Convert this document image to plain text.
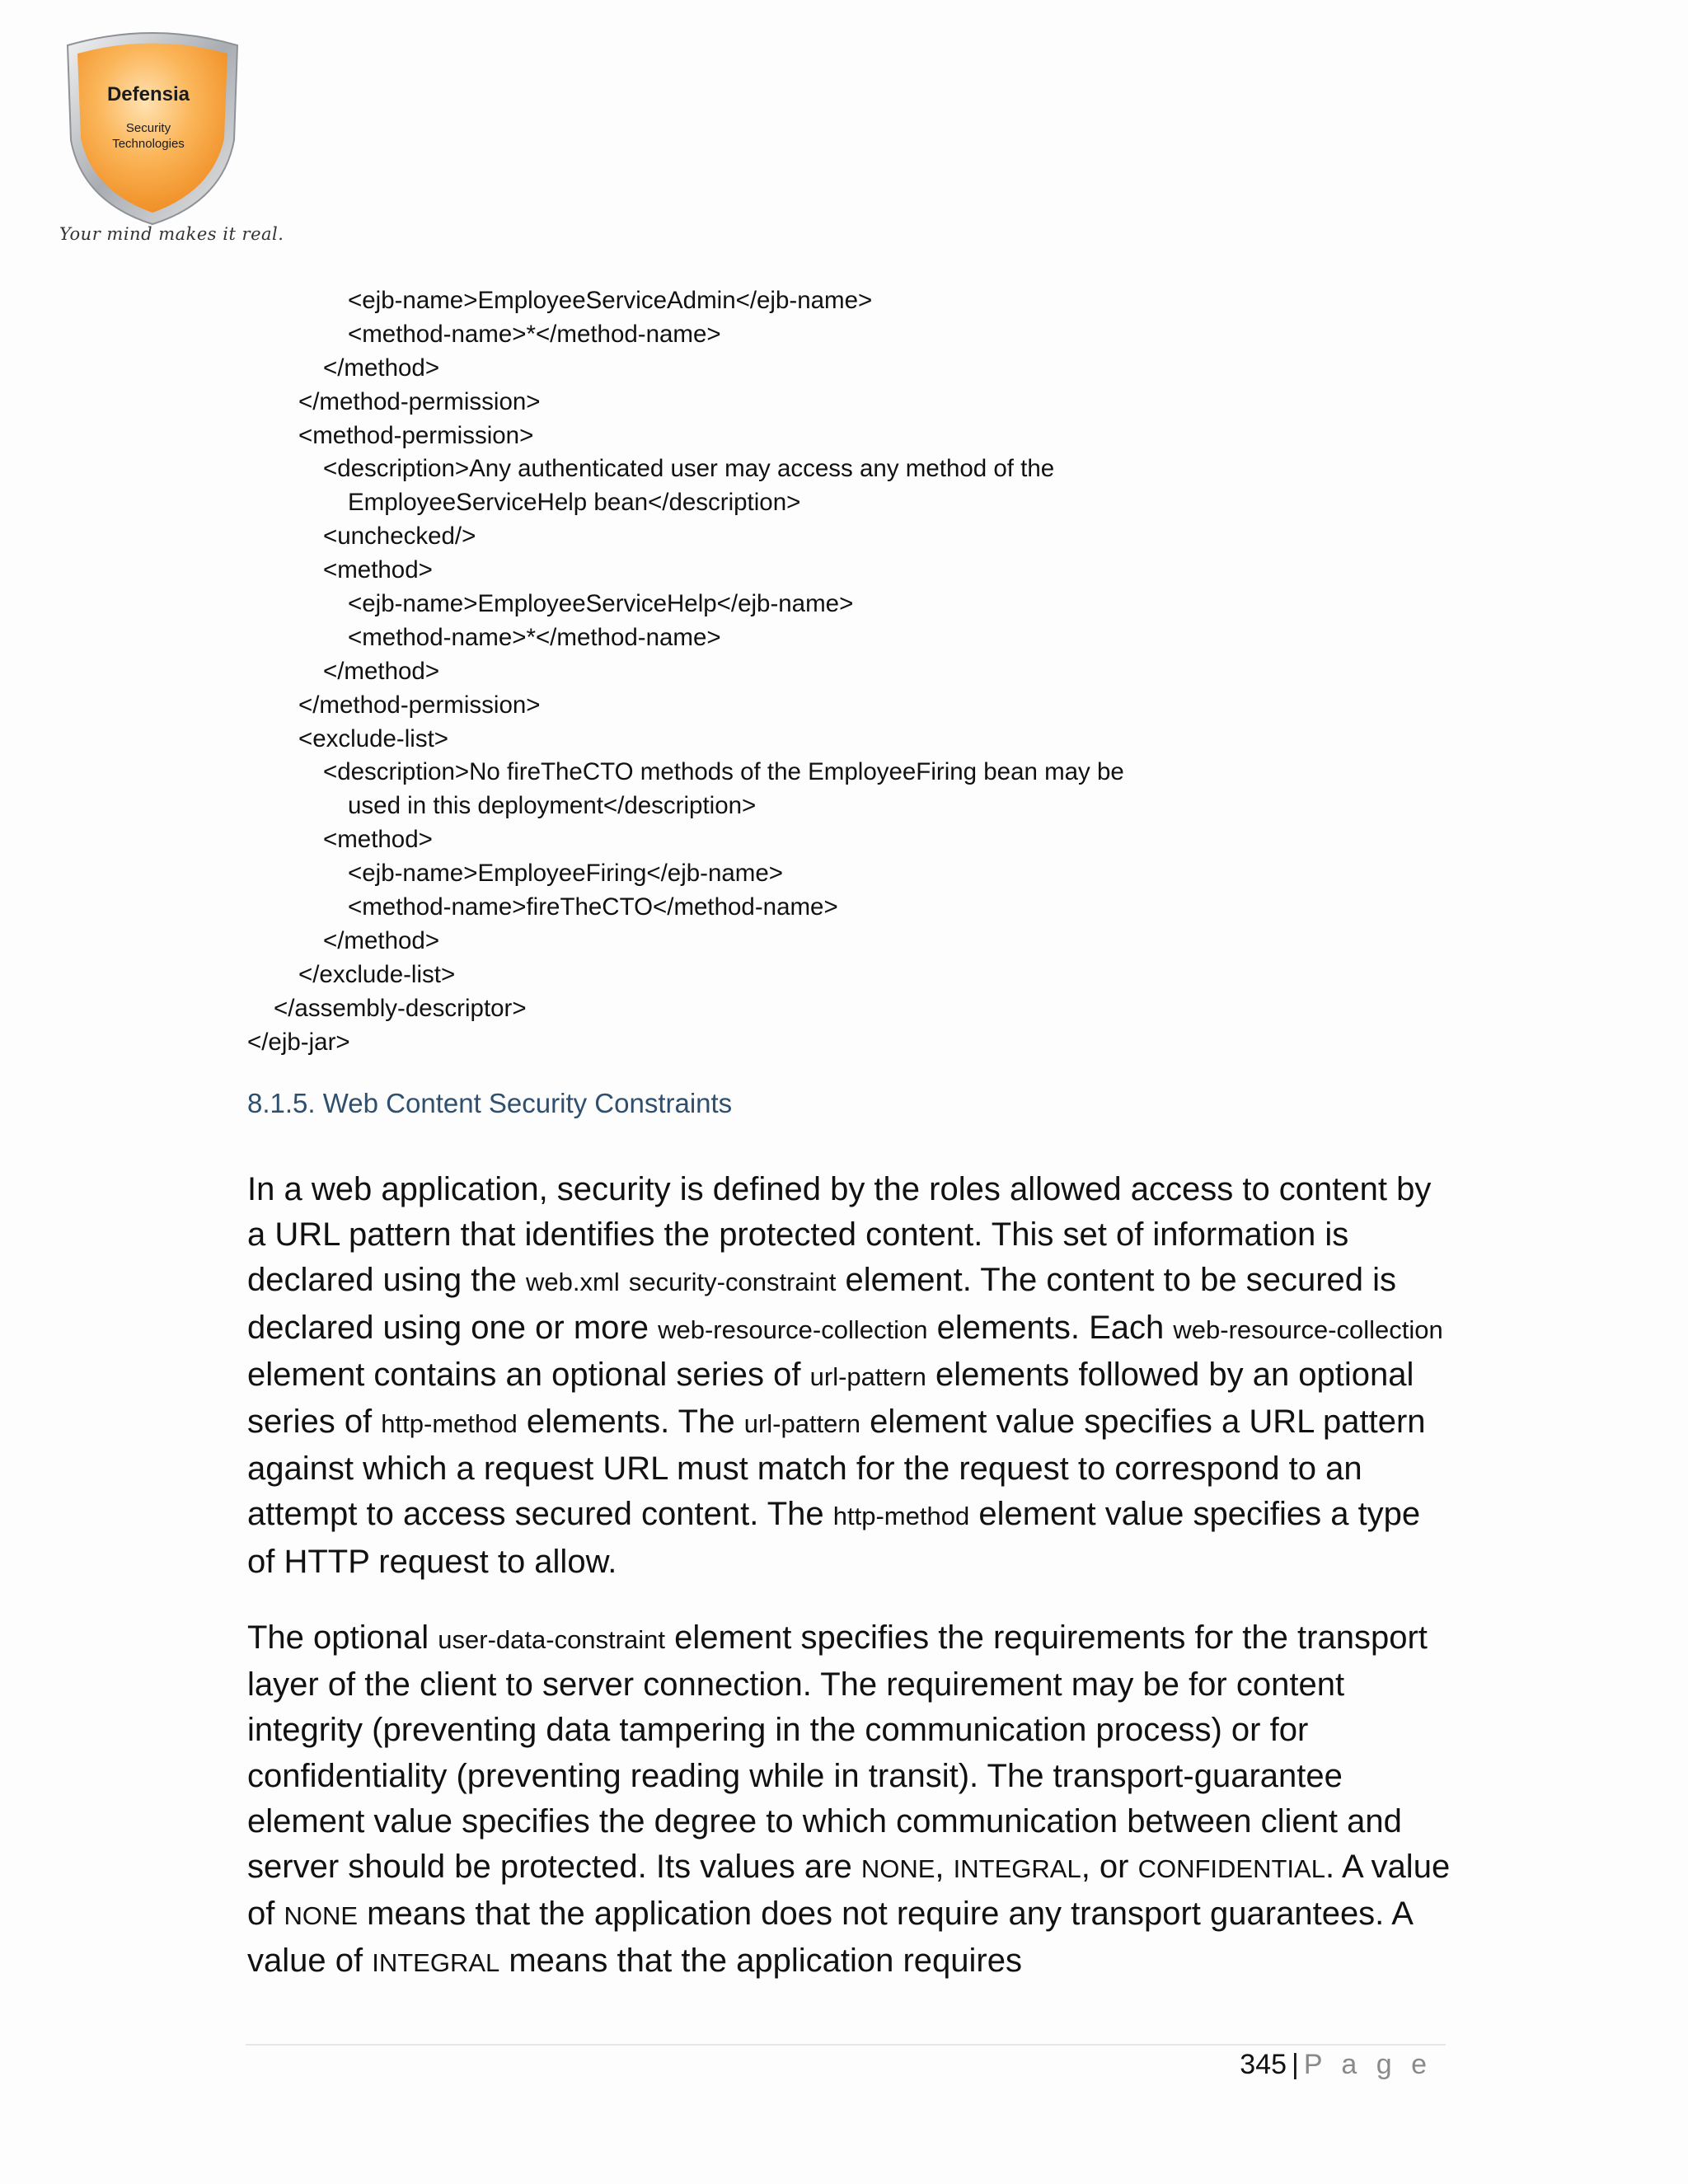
Defensia
Security
Technologies
Your mind makes it real.
<ejb-name>EmployeeServiceAdmin</ejb-name>
<method-name>*</method-name>
</method>
</method-permission>
<method-permission>
<description>Any authenticated user may access any method of the
EmployeeServiceHelp bean</description>
<unchecked/>
<method>
<ejb-name>EmployeeServiceHelp</ejb-name>
<method-name>*</method-name>
</method>
</method-permission>
<exclude-list>
<description>No fireTheCTO methods of the EmployeeFiring bean may be
used in this deployment</description>
<method>
<ejb-name>EmployeeFiring</ejb-name>
<method-name>fireTheCTO</method-name>
</method>
</exclude-list>
</assembly-descriptor>
</ejb-jar>
8.1.5. Web Content Security Constraints
In a web application, security is defined by the roles allowed access to content by a URL pattern that identifies the protected content. This set of information is declared using the web.xml security-constraint element. The content to be secured is declared using one or more web-resource-collection elements. Each web-resource-collection element contains an optional series of url-pattern elements followed by an optional series of http-method elements. The url-pattern element value specifies a URL pattern against which a request URL must match for the request to correspond to an attempt to access secured content. The http-method element value specifies a type of HTTP request to allow.
The optional user-data-constraint element specifies the requirements for the transport layer of the client to server connection. The requirement may be for content integrity (preventing data tampering in the communication process) or for confidentiality (preventing reading while in transit). The transport-guarantee element value specifies the degree to which communication between client and server should be protected. Its values are NONE, INTEGRAL, or CONFIDENTIAL. A value of NONE means that the application does not require any transport guarantees. A value of INTEGRAL means that the application requires
345 | P a g e
